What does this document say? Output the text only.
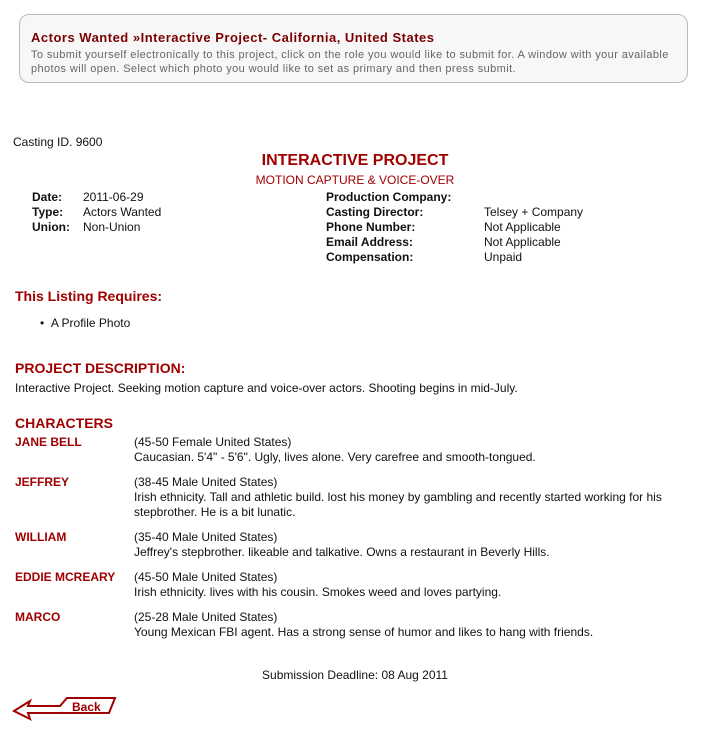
Actors Wanted »Interactive Project- California, United States

To submit yourself electronically to this project, click on the role you would like to submit for. A window with your available photos will open. Select which photo you would like to set as primary and then press submit.

Casting ID. 9600
INTERACTIVE PROJECT
MOTION CAPTURE & VOICE-OVER
Date: 2011-06-29
Type: Actors Wanted
Union: Non-Union
Production Company:
Casting Director:	Telsey + Company
Phone Number:	Not Applicable
Email Address:	Not Applicable
Compensation:	Unpaid
This Listing Requires:
•  A Profile Photo
PROJECT DESCRIPTION:
Interactive Project. Seeking motion capture and voice-over actors. Shooting begins in mid-July.
CHARACTERS
JANE BELL	(45-50 Female United States)
Caucasian. 5'4" - 5'6". Ugly, lives alone. Very carefree and smooth-tongued.
JEFFREY	(38-45 Male United States)
Irish ethnicity. Tall and athletic build. lost his money by gambling and recently started working for his stepbrother. He is a bit lunatic.
WILLIAM	(35-40 Male United States)
Jeffrey's stepbrother. likeable and talkative. Owns a restaurant in Beverly Hills.
EDDIE MCREARY (45-50 Male United States)
Irish ethnicity. lives with his cousin. Smokes weed and loves partying.
MARCO	(25-28 Male United States)
Young Mexican FBI agent. Has a strong sense of humor and likes to hang with friends.
Submission Deadline: 08 Aug 2011
Back
